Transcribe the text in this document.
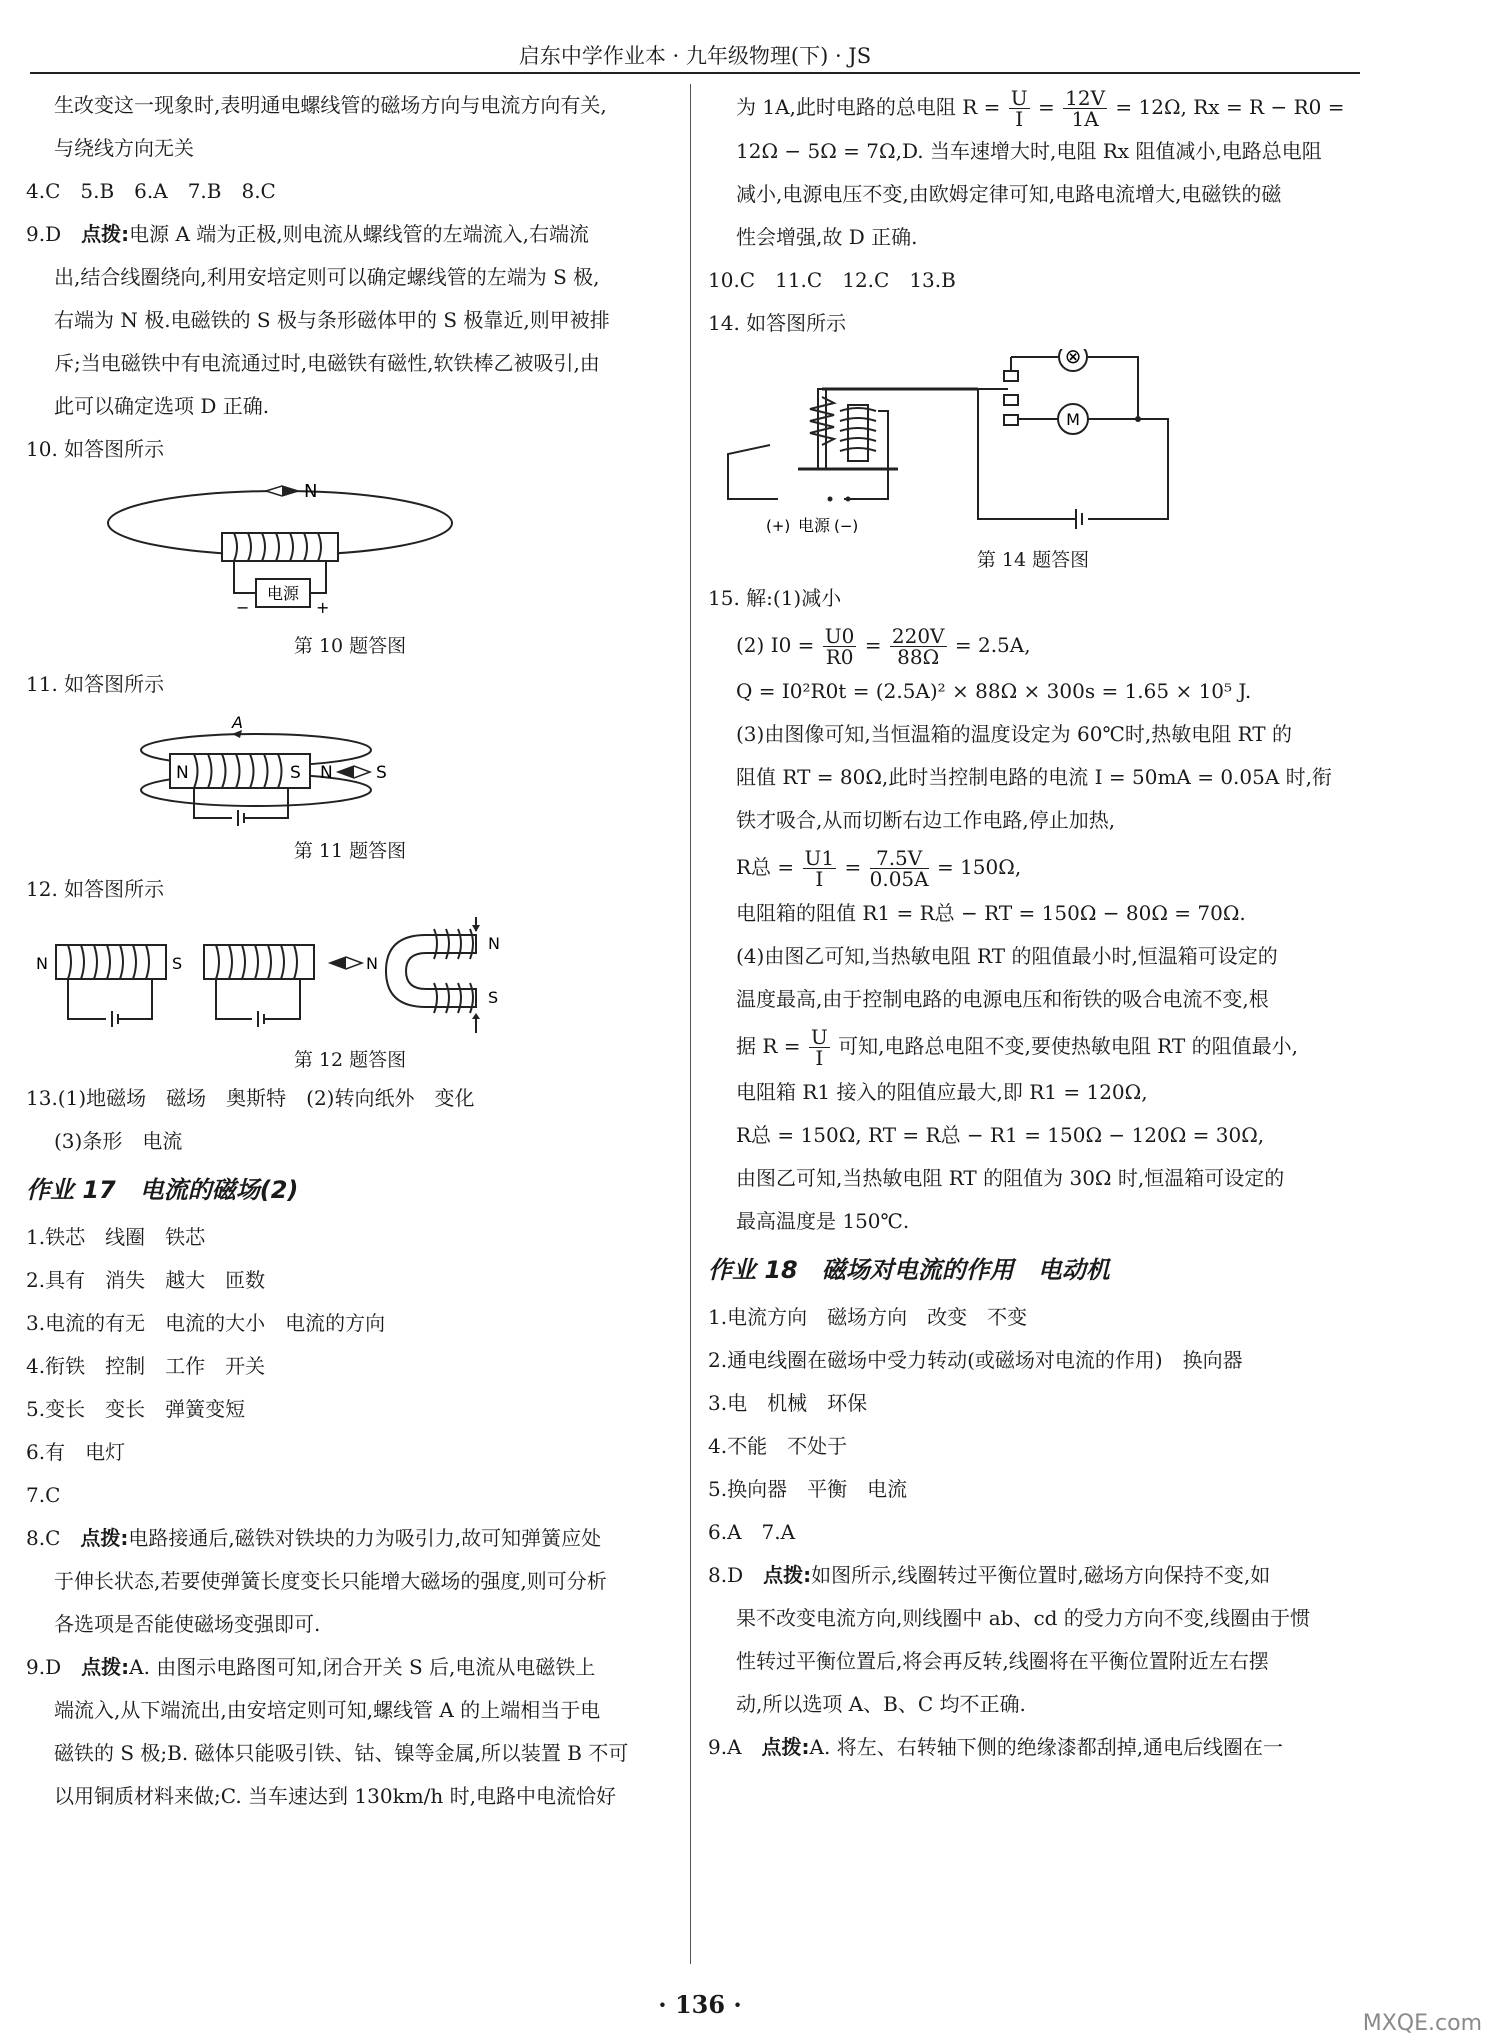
启东中学作业本 · 九年级物理(下) · JS
生改变这一现象时,表明通电螺线管的磁场方向与电流方向有关,
与绕线方向无关
4.C　5.B　6.A　7.B　8.C
9.D　 点拨:电源 A 端为正极,则电流从螺线管的左端流入,右端流
出,结合线圈绕向,利用安培定则可以确定螺线管的左端为 S 极,
右端为 N 极.电磁铁的 S 极与条形磁体甲的 S 极靠近,则甲被排
斥;当电磁铁中有电流通过时,电磁铁有磁性,软铁棒乙被吸引,由
此可以确定选项 D 正确.
10. 如答图所示
N
电源
−	+
第 10 题答图
11. 如答图所示
N	S N	S
A
第 11 题答图
12. 如答图所示
N	S	N
N
S
第 12 题答图
13.(1)地磁场　磁场　奥斯特　(2)转向纸外　变化
(3)条形　电流
作业 17　电流的磁场(2)
1.铁芯　线圈　铁芯
2.具有　消失　越大　匝数
3.电流的有无　电流的大小　电流的方向
4.衔铁　控制　工作　开关
5.变长　变长　弹簧变短
6.有　电灯
7.C
8.C　 点拨:电路接通后,磁铁对铁块的力为吸引力,故可知弹簧应处
于伸长状态,若要使弹簧长度变长只能增大磁场的强度,则可分析
各选项是否能使磁场变强即可.
9.D　 点拨:A. 由图示电路图可知,闭合开关 S 后,电流从电磁铁上
端流入,从下端流出,由安培定则可知,螺线管 A 的上端相当于电
磁铁的 S 极;B. 磁体只能吸引铁、钴、镍等金属,所以装置 B 不可
以用铜质材料来做;C. 当车速达到 130km/h 时,电路中电流恰好
为 1A,此时电路的总电阻 $R = \frac{U}{I} = \frac{12V}{1A} = 12\Omega$, Rx = R − R0 =
12Ω − 5Ω = 7Ω,D. 当车速增大时,电阻 Rx 阻值减小,电路总电阻
减小,电源电压不变,由欧姆定律可知,电路电流增大,电磁铁的磁
性会增强,故 D 正确.
10.C　11.C　12.C　13.B
14. 如答图所示
⊗
M
(+) 电源 (−)
第 14 题答图
15. 解:(1)减小
(2) $I0 = \frac{U0}{R0} = \frac{220V}{88\Omega} = 2.5A$,
Q = I0²R0t = (2.5A)² × 88Ω × 300s = 1.65 × 10⁵ J.
(3)由图像可知,当恒温箱的温度设定为 60℃时,热敏电阻 RT 的
阻值 RT = 80Ω,此时当控制电路的电流 I = 50mA = 0.05A 时,衔
铁才吸合,从而切断右边工作电路,停止加热,
R总 = $\frac{U1}{I} = \frac{7.5V}{0.05A} = 150\Omega$,
电阻箱的阻值 R1 = R总 − RT = 150Ω − 80Ω = 70Ω.
(4)由图乙可知,当热敏电阻 RT 的阻值最小时,恒温箱可设定的
温度最高,由于控制电路的电源电压和衔铁的吸合电流不变,根
据 $R = \frac{U}{I}$ 可知,电路总电阻不变,要使热敏电阻 RT 的阻值最小,
电阻箱 R1 接入的阻值应最大,即 R1 = 120Ω,
R总 = 150Ω, RT = R总 − R1 = 150Ω − 120Ω = 30Ω,
由图乙可知,当热敏电阻 RT 的阻值为 30Ω 时,恒温箱可设定的
最高温度是 150℃.
作业 18　磁场对电流的作用　电动机
1.电流方向　磁场方向　改变　不变
2.通电线圈在磁场中受力转动(或磁场对电流的作用)　换向器
3.电　机械　环保
4.不能　不处于
5.换向器　平衡　电流
6.A　7.A
8.D　 点拨:如图所示,线圈转过平衡位置时,磁场方向保持不变,如
果不改变电流方向,则线圈中 ab、cd 的受力方向不变,线圈由于惯
性转过平衡位置后,将会再反转,线圈将在平衡位置附近左右摆
动,所以选项 A、B、C 均不正确.
9.A　 点拨:A. 将左、右转轴下侧的绝缘漆都刮掉,通电后线圈在一
· 136 ·
MXQE.com
